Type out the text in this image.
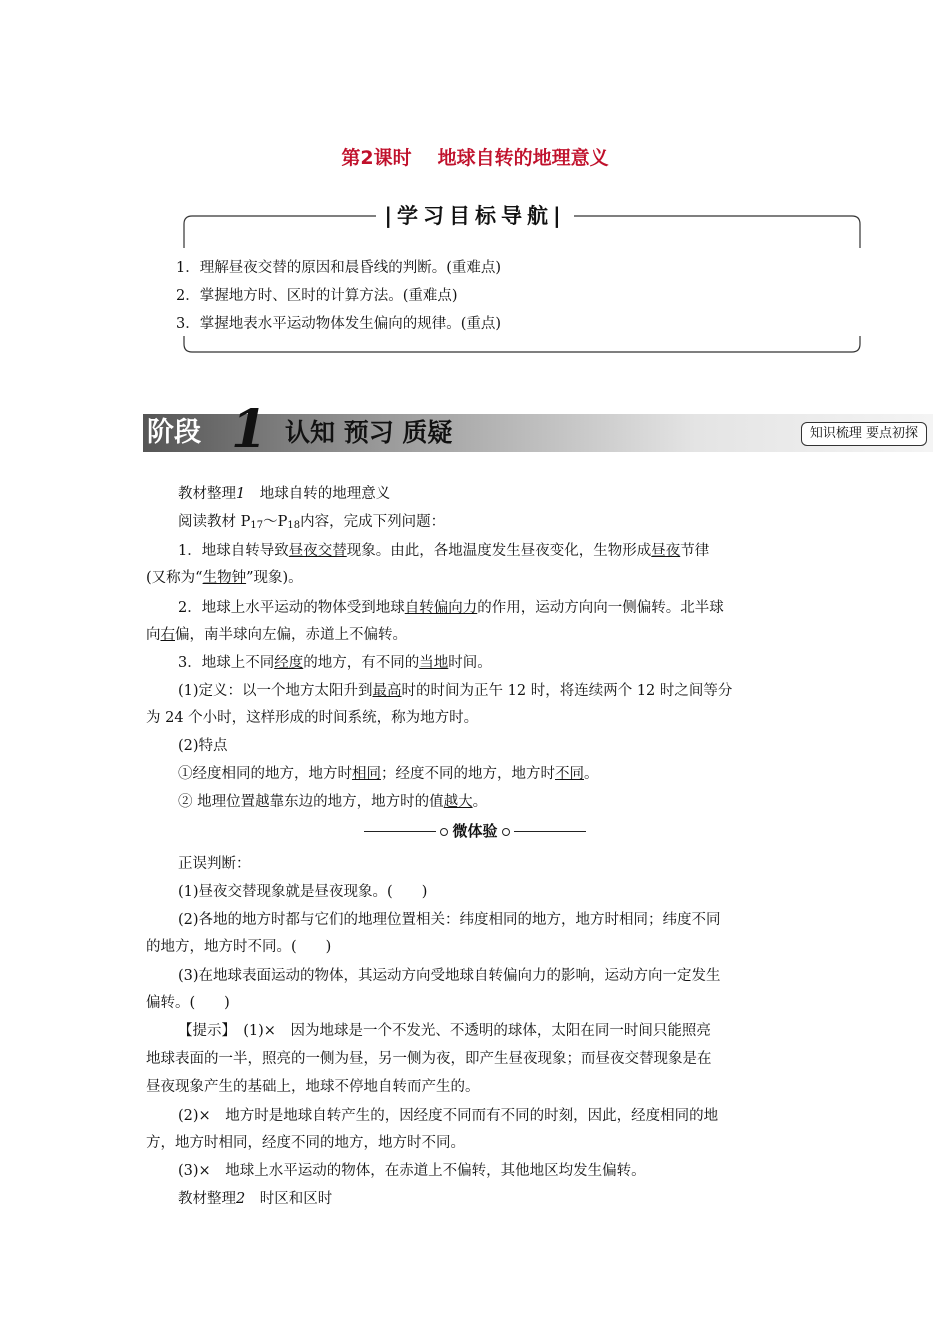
第2课时 地球自转的地理意义
|学习目标导航|
1．理解昼夜交替的原因和晨昏线的判断。(重难点)
2．掌握地方时、区时的计算方法。(重难点)
3．掌握地表水平运动物体发生偏向的规律。(重点)
阶段 1 认知 预习 质疑	知识梳理 要点初探
教材整理1　 地球自转的地理意义
阅读教材 $P_{17}\sim P_{18}$内容，完成下列问题：
1．地球自转导致昼夜交替现象。由此，各地温度发生昼夜变化，生物形成昼夜节律
(又称为“生物钟”现象)。
2．地球上水平运动的物体受到地球自转偏向力的作用，运动方向向一侧偏转。北半球
向右偏，南半球向左偏，赤道上不偏转。
3．地球上不同经度的地方，有不同的当地时间。
(1)定义：以一个地方太阳升到最高时的时间为正午 12 时，将连续两个 12 时之间等分
为 24 个小时，这样形成的时间系统，称为地方时。
(2)特点
①经度相同的地方，地方时相同；经度不同的地方，地方时不同。
② 地理位置越靠东边的地方，地方时的值越大。
正误判断：
(1)昼夜交替现象就是昼夜现象。(　　)
(2)各地的地方时都与它们的地理位置相关：纬度相同的地方，地方时相同；纬度不同
的地方，地方时不同。(　　)
(3)在地球表面运动的物体，其运动方向受地球自转偏向力的影响，运动方向一定发生
偏转。(　　)
【提示】　(1)×　因为地球是一个不发光、不透明的球体，太阳在同一时间只能照亮
地球表面的一半，照亮的一侧为昼，另一侧为夜，即产生昼夜现象；而昼夜交替现象是在
昼夜现象产生的基础上，地球不停地自转而产生的。
(2)×　地方时是地球自转产生的，因经度不同而有不同的时刻，因此，经度相同的地
方，地方时相同，经度不同的地方，地方时不同。
(3)×　地球上水平运动的物体，在赤道上不偏转，其他地区均发生偏转。
教材整理2　 时区和区时
微体验
